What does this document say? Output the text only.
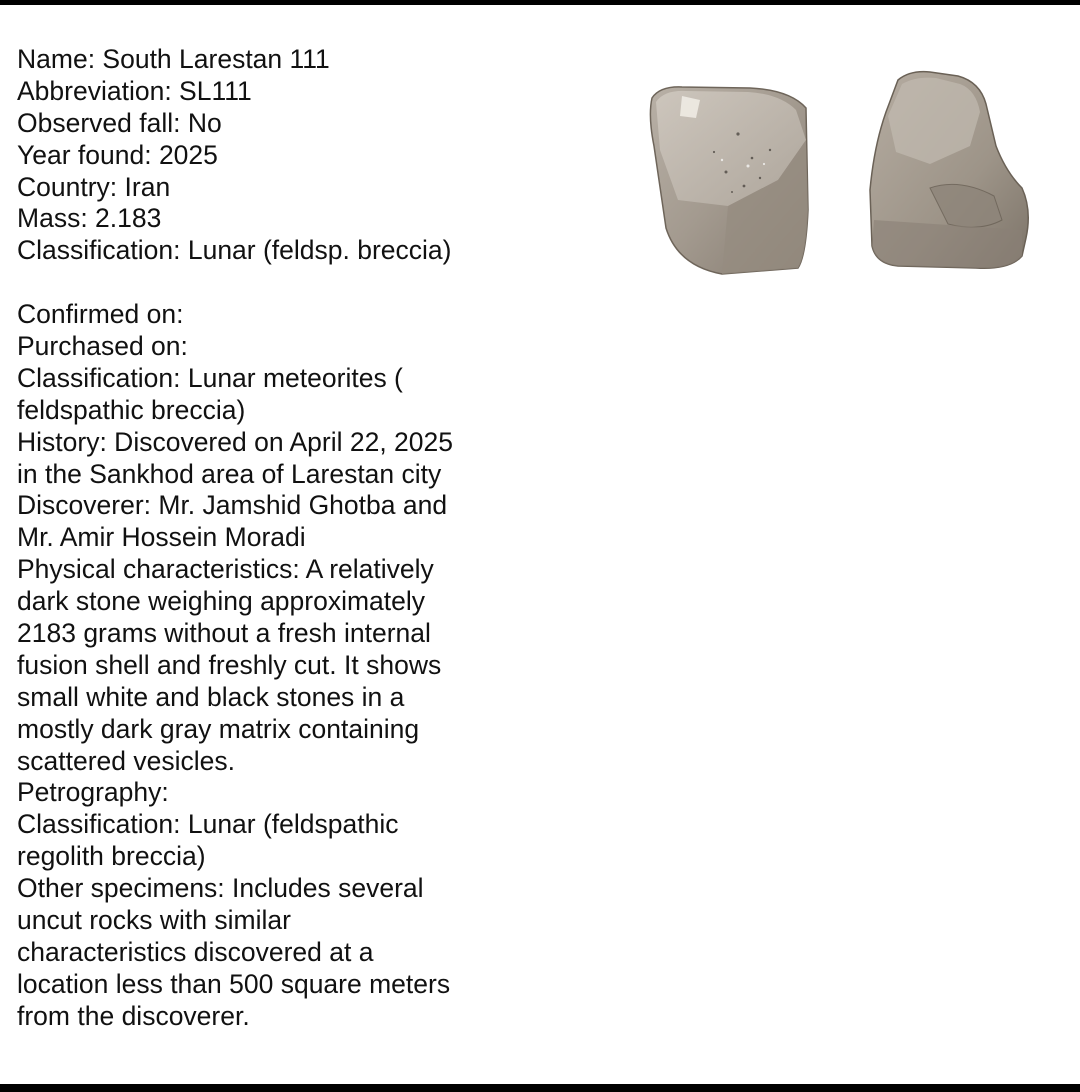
Name: South Larestan 111
Abbreviation: SL111
Observed fall: No
Year found: 2025
Country: Iran
Mass: 2.183
Classification: Lunar (feldsp. breccia)
Confirmed on:
Purchased on:
Classification: Lunar meteorites (
feldspathic breccia)
History: Discovered on April 22, 2025
in the Sankhod area of Larestan city
Discoverer: Mr. Jamshid Ghotba and
Mr. Amir Hossein Moradi
Physical characteristics: A relatively
dark stone weighing approximately
2183 grams without a fresh internal
fusion shell and freshly cut. It shows
small white and black stones in a
mostly dark gray matrix containing
scattered vesicles.
Petrography:
Classification: Lunar (feldspathic
regolith breccia)
Other specimens: Includes several
uncut rocks with similar
characteristics discovered at a
location less than 500 square meters
from the discoverer.
